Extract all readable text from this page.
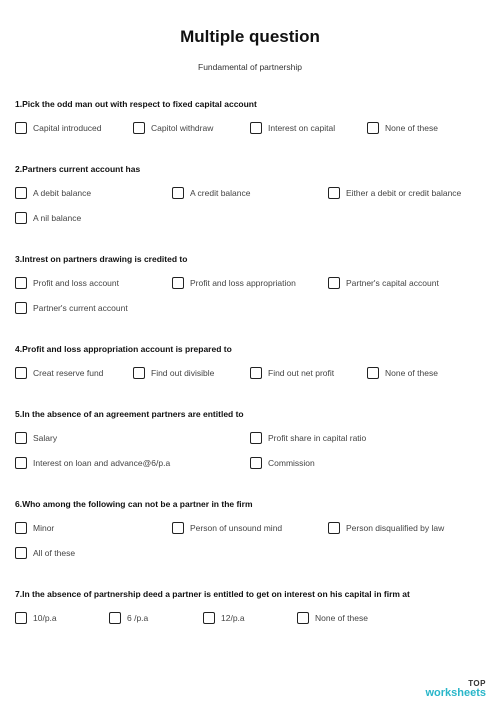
Multiple question
Fundamental of partnership
1.Pick the odd man out with respect to fixed capital account
Capital introduced	Capitol withdraw	Interest on capital	None of these
2.Partners current account has
A debit balance	A credit balance	Either a debit or credit balance
A nil balance
3.Intrest on partners drawing is credited to
Profit and loss account	Profit and loss appropriation	Partner's capital account
Partner's current account
4.Profit and loss appropriation account is prepared to
Creat reserve fund	Find out divisible	Find out net profit	None of these
5.In the absence of an agreement partners are entitled to
Salary	Profit share in capital ratio
Interest on loan and advance@6/p.a	Commission
6.Who among the following can not be a partner in the firm
Minor	Person of unsound mind	Person disqualified by law
All of these
7.In the absence of partnership deed a partner is entitled to get on interest on his capital in firm at
10/p.a	6 /p.a	12/p.a	None of these
TOP
worksheets
